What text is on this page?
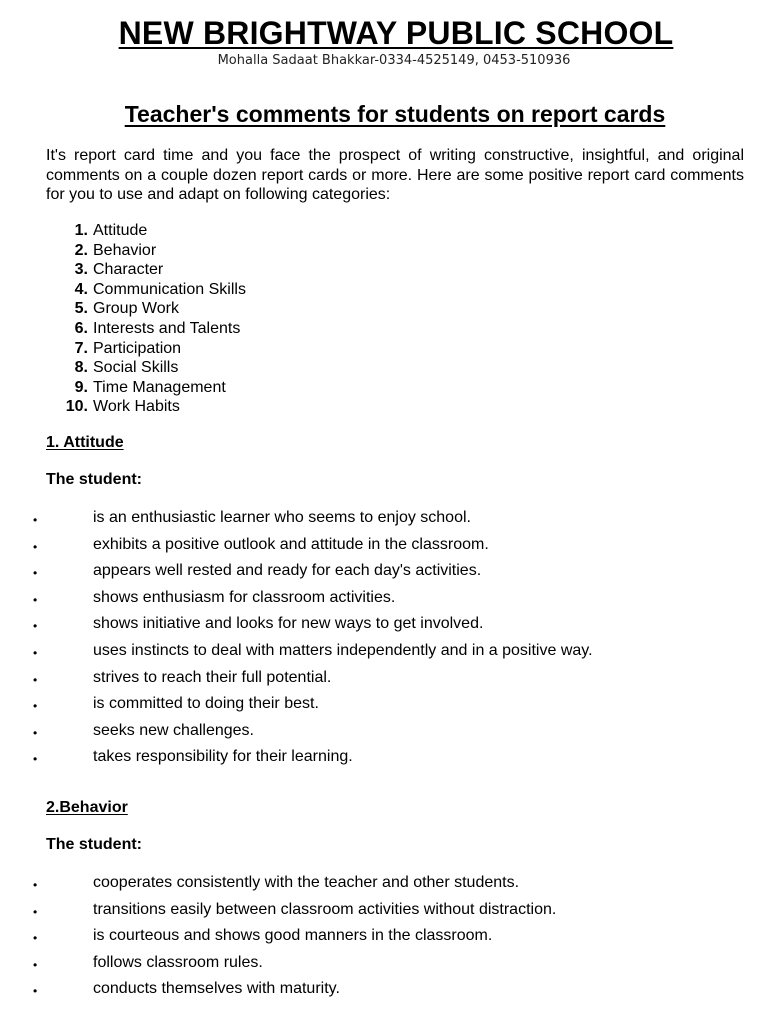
NEW BRIGHTWAY PUBLIC SCHOOL
Mohalla Sadaat Bhakkar-0334-4525149, 0453-510936
Teacher's comments for students on report cards
It's report card time and you face the prospect of writing constructive, insightful, and original comments on a couple dozen report cards or more. Here are some positive report card comments for you to use and adapt on following categories:
1. Attitude
2. Behavior
3. Character
4. Communication Skills
5. Group Work
6. Interests and Talents
7. Participation
8. Social Skills
9. Time Management
10. Work Habits
1. Attitude
The student:
•	is an enthusiastic learner who seems to enjoy school.
•	exhibits a positive outlook and attitude in the classroom.
•	appears well rested and ready for each day's activities.
•	shows enthusiasm for classroom activities.
•	shows initiative and looks for new ways to get involved.
•	uses instincts to deal with matters independently and in a positive way.
•	strives to reach their full potential.
•	is committed to doing their best.
•	seeks new challenges.
•	takes responsibility for their learning.
2.Behavior
The student:
•	cooperates consistently with the teacher and other students.
•	transitions easily between classroom activities without distraction.
•	is courteous and shows good manners in the classroom.
•	follows classroom rules.
•	conducts themselves with maturity.
